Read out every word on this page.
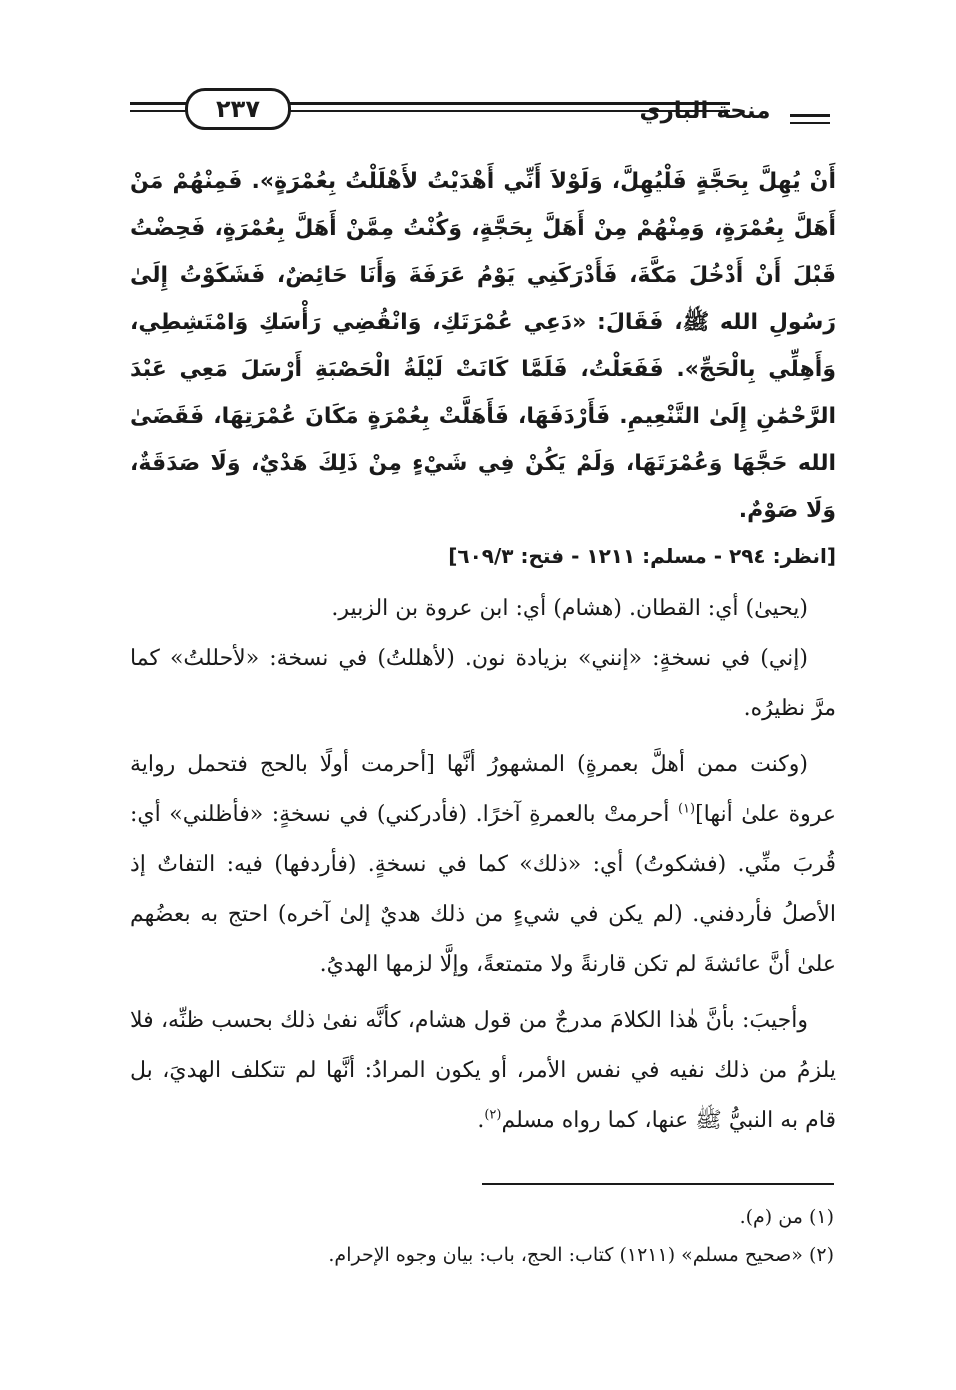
٢٣٧	منحة الباري

أَنْ يُهِلَّ بِحَجَّةٍ فَلْيُهِلَّ، وَلَوْلاَ أَنِّي أَهْدَيْتُ لأَهْلَلْتُ بِعُمْرَةٍ». فَمِنْهُمْ مَنْ أَهَلَّ بِعُمْرَةٍ، وَمِنْهُمْ مِنْ أَهَلَّ بِحَجَّةٍ، وَكُنْتُ مِمَّنْ أَهَلَّ بِعُمْرَةٍ، فَحِضْتُ قَبْلَ أَنْ أَدْخُلَ مَكَّةَ، فَأَدْرَكَنِي يَوْمُ عَرَفَةَ وَأَنَا حَائِضٌ، فَشَكَوْتُ إِلَىٰ رَسُولِ الله ﷺ، فَقَالَ: «دَعِي عُمْرَتَكِ، وَانْقُضِي رَأْسَكِ وَامْتَشِطِي، وَأَهِلِّي بِالْحَجِّ». فَفَعَلْتُ، فَلَمَّا كَانَتْ لَيْلَةُ الْحَصْبَةِ أَرْسَلَ مَعِي عَبْدَ الرَّحْمَٰنِ إِلَىٰ التَّنْعِيمِ. فَأَرْدَفَهَا، فَأَهَلَّتْ بِعُمْرَةٍ مَكَانَ عُمْرَتِهَا، فَقَضَىٰ الله حَجَّهَا وَعُمْرَتَهَا، وَلَمْ يَكُنْ فِي شَيْءٍ مِنْ ذَلِكَ هَدْيٌ، وَلَا صَدَقَةٌ، وَلَا صَوْمٌ.

[انظر: ٢٩٤ - مسلم: ١٢١١ - فتح: ٦٠٩/٣]

(يحيىٰ) أي: القطان. (هشام) أي: ابن عروة بن الزبير.

(إني) في نسخةٍ: «إنني» بزيادة نون. (لأهللتُ) في نسخة: «لأحللتُ» كما مرَّ نظيرُه.

(وكنت ممن أهلَّ بعمرةٍ) المشهورُ أنَّها [أحرمت أولًا بالحج فتحمل رواية عروة علىٰ أنها]$^{(١)}$ أحرمتْ بالعمرةِ آخرًا. (فأدركني) في نسخةٍ: «فأظلني» أي: قُربَ منِّي. (فشكوتُ) أي: «ذلك» كما في نسخةٍ. (فأردفها) فيه: التفاتٌ إذ الأصلُ فأردفني. (لم يكن في شيءٍ من ذلك هديٌ إلىٰ آخره) احتج به بعضُهم علىٰ أنَّ عائشةَ لم تكن قارنةً ولا متمتعةً، وإلَّا لزمها الهديُ.

وأجيبَ: بأنَّ هٰذا الكلامَ مدرجٌ من قول هشام، كأنَّه نفىٰ ذلك بحسب ظنِّه، فلا يلزمُ من ذلك نفيه في نفس الأمر، أو يكون المرادُ: أنَّها لم تتكلف الهديَ، بل قام به النبيُّ ﷺ عنها، كما رواه مسلم$^{(٢)}$.

(١) من (م).

(٢) «صحيح مسلم» (١٢١١) كتاب: الحج، باب: بيان وجوه الإحرام.
